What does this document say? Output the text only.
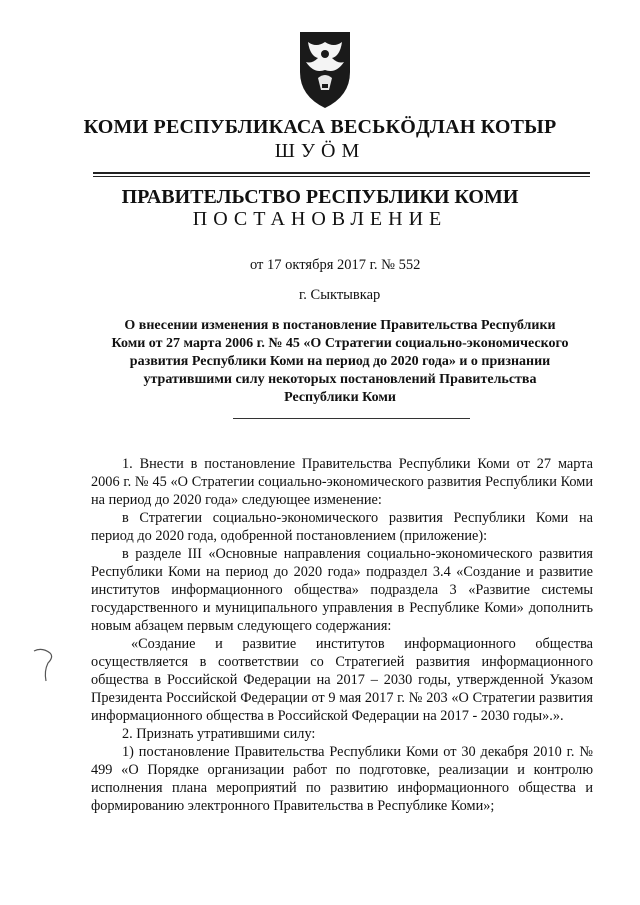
КОМИ РЕСПУБЛИКАСА ВЕСЬКӦДЛАН КОТЫР
ШУӦМ
ПРАВИТЕЛЬСТВО РЕСПУБЛИКИ КОМИ
ПОСТАНОВЛЕНИЕ
от 17 октября 2017 г. № 552
г. Сыктывкар
О внесении изменения в постановление Правительства Республики
Коми от 27 марта 2006 г. № 45 «О Стратегии социально-экономического
развития Республики Коми на период до 2020 года» и о признании
утратившими силу некоторых постановлений Правительства
Республики Коми

1. Внести в постановление Правительства Республики Коми от 27 марта 2006 г. № 45 «О Стратегии социально-экономического развития Республики Коми на период до 2020 года» следующее изменение:

в Стратегии социально-экономического развития Республики Коми на период до 2020 года, одобренной постановлением (приложение):

в разделе III «Основные направления социально-экономического развития Республики Коми на период до 2020 года» подраздел 3.4 «Создание и развитие институтов информационного общества» подраздела 3 «Развитие системы государственного и муниципального управления в Республике Коми» дополнить новым абзацем первым следующего содержания:

«Создание и развитие институтов информационного общества осуществляется в соответствии со Стратегией развития информационного общества в Российской Федерации на 2017 – 2030 годы, утвержденной Указом Президента Российской Федерации от 9 мая 2017 г. № 203 «О Стратегии развития информационного общества в Российской Федерации на 2017 - 2030 годы».».

2. Признать утратившими силу:

1) постановление Правительства Республики Коми от 30 декабря 2010 г. № 499 «О Порядке организации работ по подготовке, реализации и контролю исполнения плана мероприятий по развитию информационного общества и формированию электронного Правительства в Республике Коми»;
